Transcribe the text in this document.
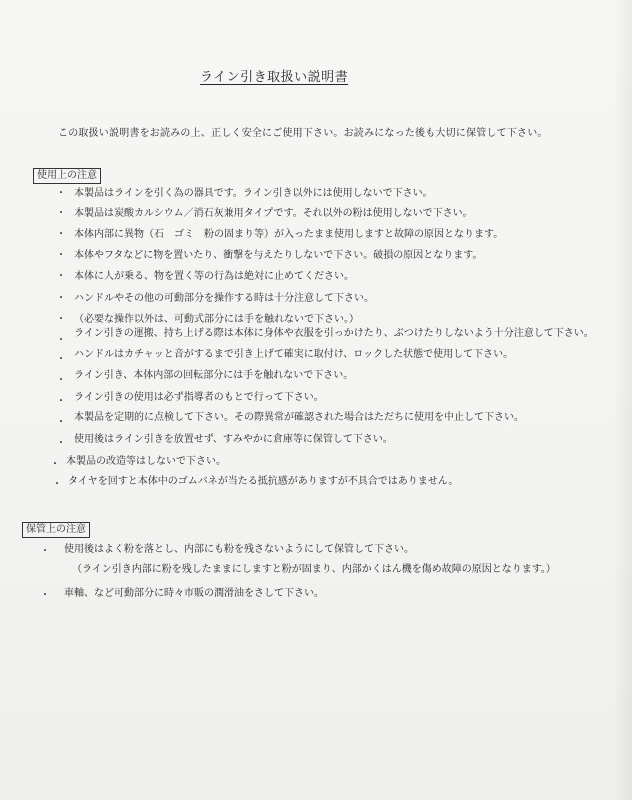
ライン引き取扱い説明書
この取扱い説明書をお読みの上、正しく安全にご使用下さい。お読みになった後も大切に保管して下さい。
使用上の注意
・ 本製品はラインを引く為の器具です。ライン引き以外には使用しないで下さい。
・ 本製品は炭酸カルシウム／消石灰兼用タイプです。それ以外の粉は使用しないで下さい。
・ 本体内部に異物（石　ゴミ　粉の固まり等）が入ったまま使用しますと故障の原因となります。
・ 本体やフタなどに物を置いたり、衝撃を与えたりしないで下さい。破損の原因となります。
・ 本体に人が乗る、物を置く等の行為は絶対に止めてください。
・ ハンドルやその他の可動部分を操作する時は十分注意して下さい。
・ （必要な操作以外は、可動式部分には手を触れないで下さい。）
・
ライン引きの運搬、持ち上げる際は本体に身体や衣服を引っかけたり、ぶつけたりしないよう十分注意して下さい。
・ ハンドルはカチャッと音がするまで引き上げて確実に取付け、ロックした状態で使用して下さい。
・ ライン引き、本体内部の回転部分には手を触れないで下さい。
・ ライン引きの使用は必ず指導者のもとで行って下さい。
・ 本製品を定期的に点検して下さい。その際異常が確認された場合はただちに使用を中止して下さい。
・ 使用後はライン引きを放置せず、すみやかに倉庫等に保管して下さい。
・ 本製品の改造等はしないで下さい。
・ タイヤを回すと本体中のゴムバネが当たる抵抗感がありますが不具合ではありません。
保管上の注意
・ 使用後はよく粉を落とし、内部にも粉を残さないようにして保管して下さい。
（ライン引き内部に粉を残したままにしますと粉が固まり、内部かくはん機を傷め故障の原因となります。）
・ 車軸、など可動部分に時々市販の潤滑油をさして下さい。
